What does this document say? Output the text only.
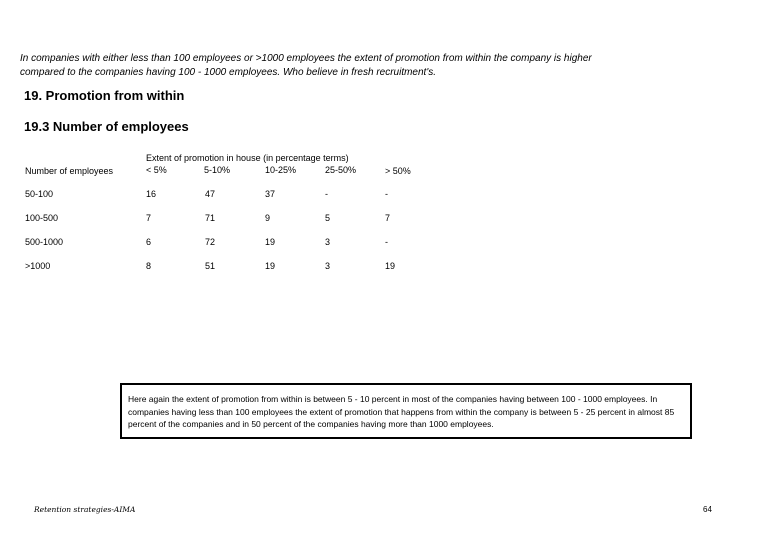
In companies with either less than 100 employees or >1000 employees the extent of promotion from within the company is higher

compared to the companies having 100 - 1000 employees. Who believe in fresh recruitment's.

19. Promotion from within
19.3 Number of employees
Extent of promotion in house (in percentage terms)
Number of employees	< 5%	5-10%	10-25%	25-50%	> 50%
50-100	16	47	37	-	-
100-500	7	71	9	5	7
500-1000	6	72	19	3	-
>1000	8	51	19	3	19
Here again the extent of promotion from within is between 5 - 10 percent in most of the companies having between 100 - 1000 employees. In companies having less than 100 employees the extent of promotion that happens from within the company is between 5 - 25 percent in almost 85 percent of the companies and in 50 percent of the companies having more than 1000 employees.
Retention strategies-AIMA	64
